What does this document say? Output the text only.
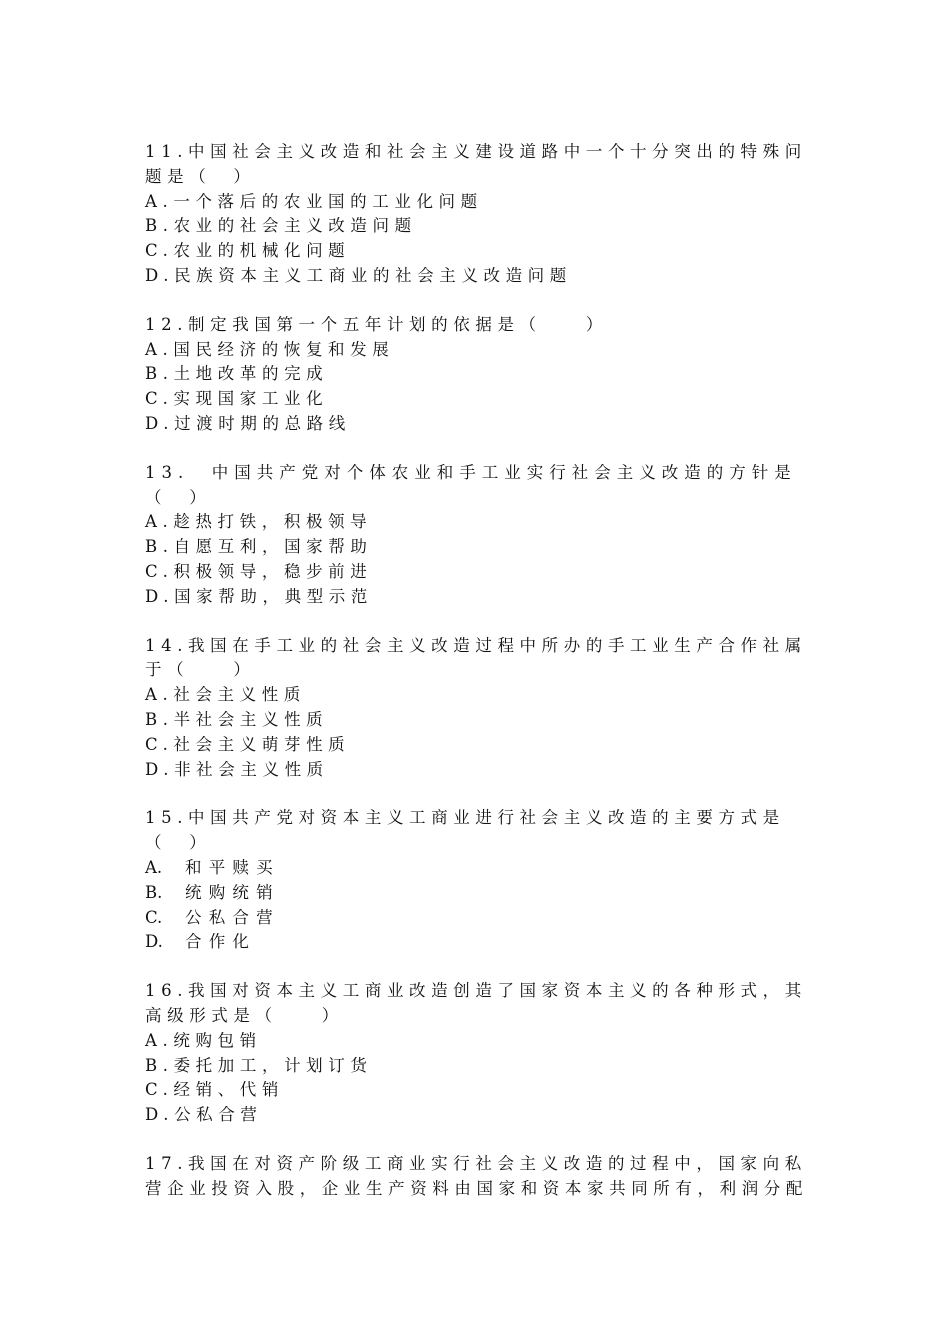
11.中国社会主义改造和社会主义建设道路中一个十分突出的特殊问
题是（　）
A.一个落后的农业国的工业化问题
B.农业的社会主义改造问题
C.农业的机械化问题
D.民族资本主义工商业的社会主义改造问题
12.制定我国第一个五年计划的依据是（　　）
A.国民经济的恢复和发展
B.土地改革的完成
C.实现国家工业化
D.过渡时期的总路线
13.　中国共产党对个体农业和手工业实行社会主义改造的方针是
（　）
A.趁热打铁，积极领导
B.自愿互利，国家帮助
C.积极领导，稳步前进
D.国家帮助，典型示范
14.我国在手工业的社会主义改造过程中所办的手工业生产合作社属
于（　　）
A.社会主义性质
B.半社会主义性质
C.社会主义萌芽性质
D.非社会主义性质
15.中国共产党对资本主义工商业进行社会主义改造的主要方式是
（　）
A. 和平赎买
B. 统购统销
C. 公私合营
D. 合作化
16.我国对资本主义工商业改造创造了国家资本主义的各种形式，其
高级形式是（　　）
A.统购包销
B.委托加工，计划订货
C.经销、代销
D.公私合营
17.我国在对资产阶级工商业实行社会主义改造的过程中，国家向私
营企业投资入股，企业生产资料由国家和资本家共同所有，利润分配
